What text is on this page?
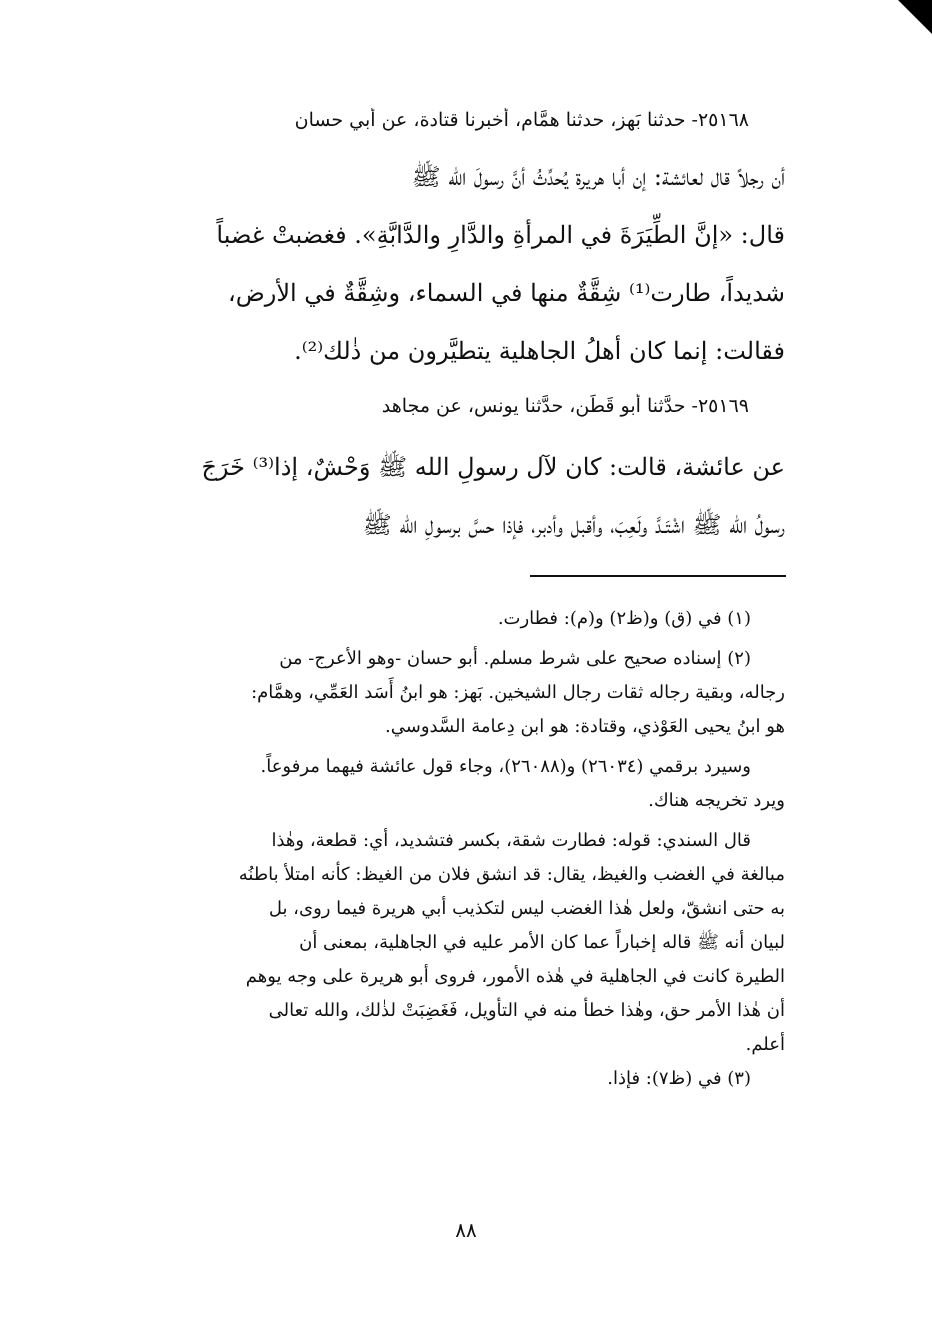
٢٥١٦٨- حدثنا بَهز، حدثنا همَّام، أخبرنا قتادة، عن أبي حسان
أن رجلاً قال لعائشة: إن أبا هريرة يُحدِّثُ أنَّ رسولَ الله ﷺ
قال: «إنَّ الطِّيَرَةَ في المرأةِ والدَّارِ والدَّابَّةِ». فغضبتْ غضباً
شديداً، طارت⁽¹⁾ شِقَّةٌ منها في السماء، وشِقَّةٌ في الأرض،
فقالت: إنما كان أهلُ الجاهلية يتطيَّرون من ذٰلك⁽²⁾.
٢٥١٦٩- حدَّثنا أبو قَطَن، حدَّثنا يونس، عن مجاهد
عن عائشة، قالت: كان لآل رسولِ الله ﷺ وَحْشٌ، إذا⁽³⁾ خَرَجَ
رسولُ الله ﷺ اشْتَـدَّ ولَعِبَ، وأقبل وأدبر، فإذا حسَّ برسولِ الله ﷺ
(١) في (ق) و(ظ٢) و(م): فطارت.
(٢) إسناده صحيح على شرط مسلم. أبو حسان -وهو الأعرج- من
رجاله، وبقية رجاله ثقات رجال الشيخين. بَهز: هو ابنُ أَسَد العَمِّي، وهمَّام:
هو ابنُ يحيى العَوْذي، وقتادة: هو ابن دِعامة السَّدوسي.
وسيرد برقمي (٢٦٠٣٤) و(٢٦٠٨٨)، وجاء قول عائشة فيهما مرفوعاً.
ويرد تخريجه هناك.
قال السندي: قوله: فطارت شقة، بكسر فتشديد، أي: قطعة، وهٰذا
مبالغة في الغضب والغيظ، يقال: قد انشق فلان من الغيظ: كأنه امتلأ باطنُه
به حتى انشقّ، ولعل هٰذا الغضب ليس لتكذيب أبي هريرة فيما روى، بل
لبيان أنه ﷺ قاله إخباراً عما كان الأمر عليه في الجاهلية، بمعنى أن
الطيرة كانت في الجاهلية في هٰذه الأمور، فروى أبو هريرة على وجه يوهم
أن هٰذا الأمر حق، وهٰذا خطأ منه في التأويل، فَغَضِبَتْ لذٰلك، والله تعالى
أعلم.
(٣) في (ظ٧): فإذا.
٨٨
